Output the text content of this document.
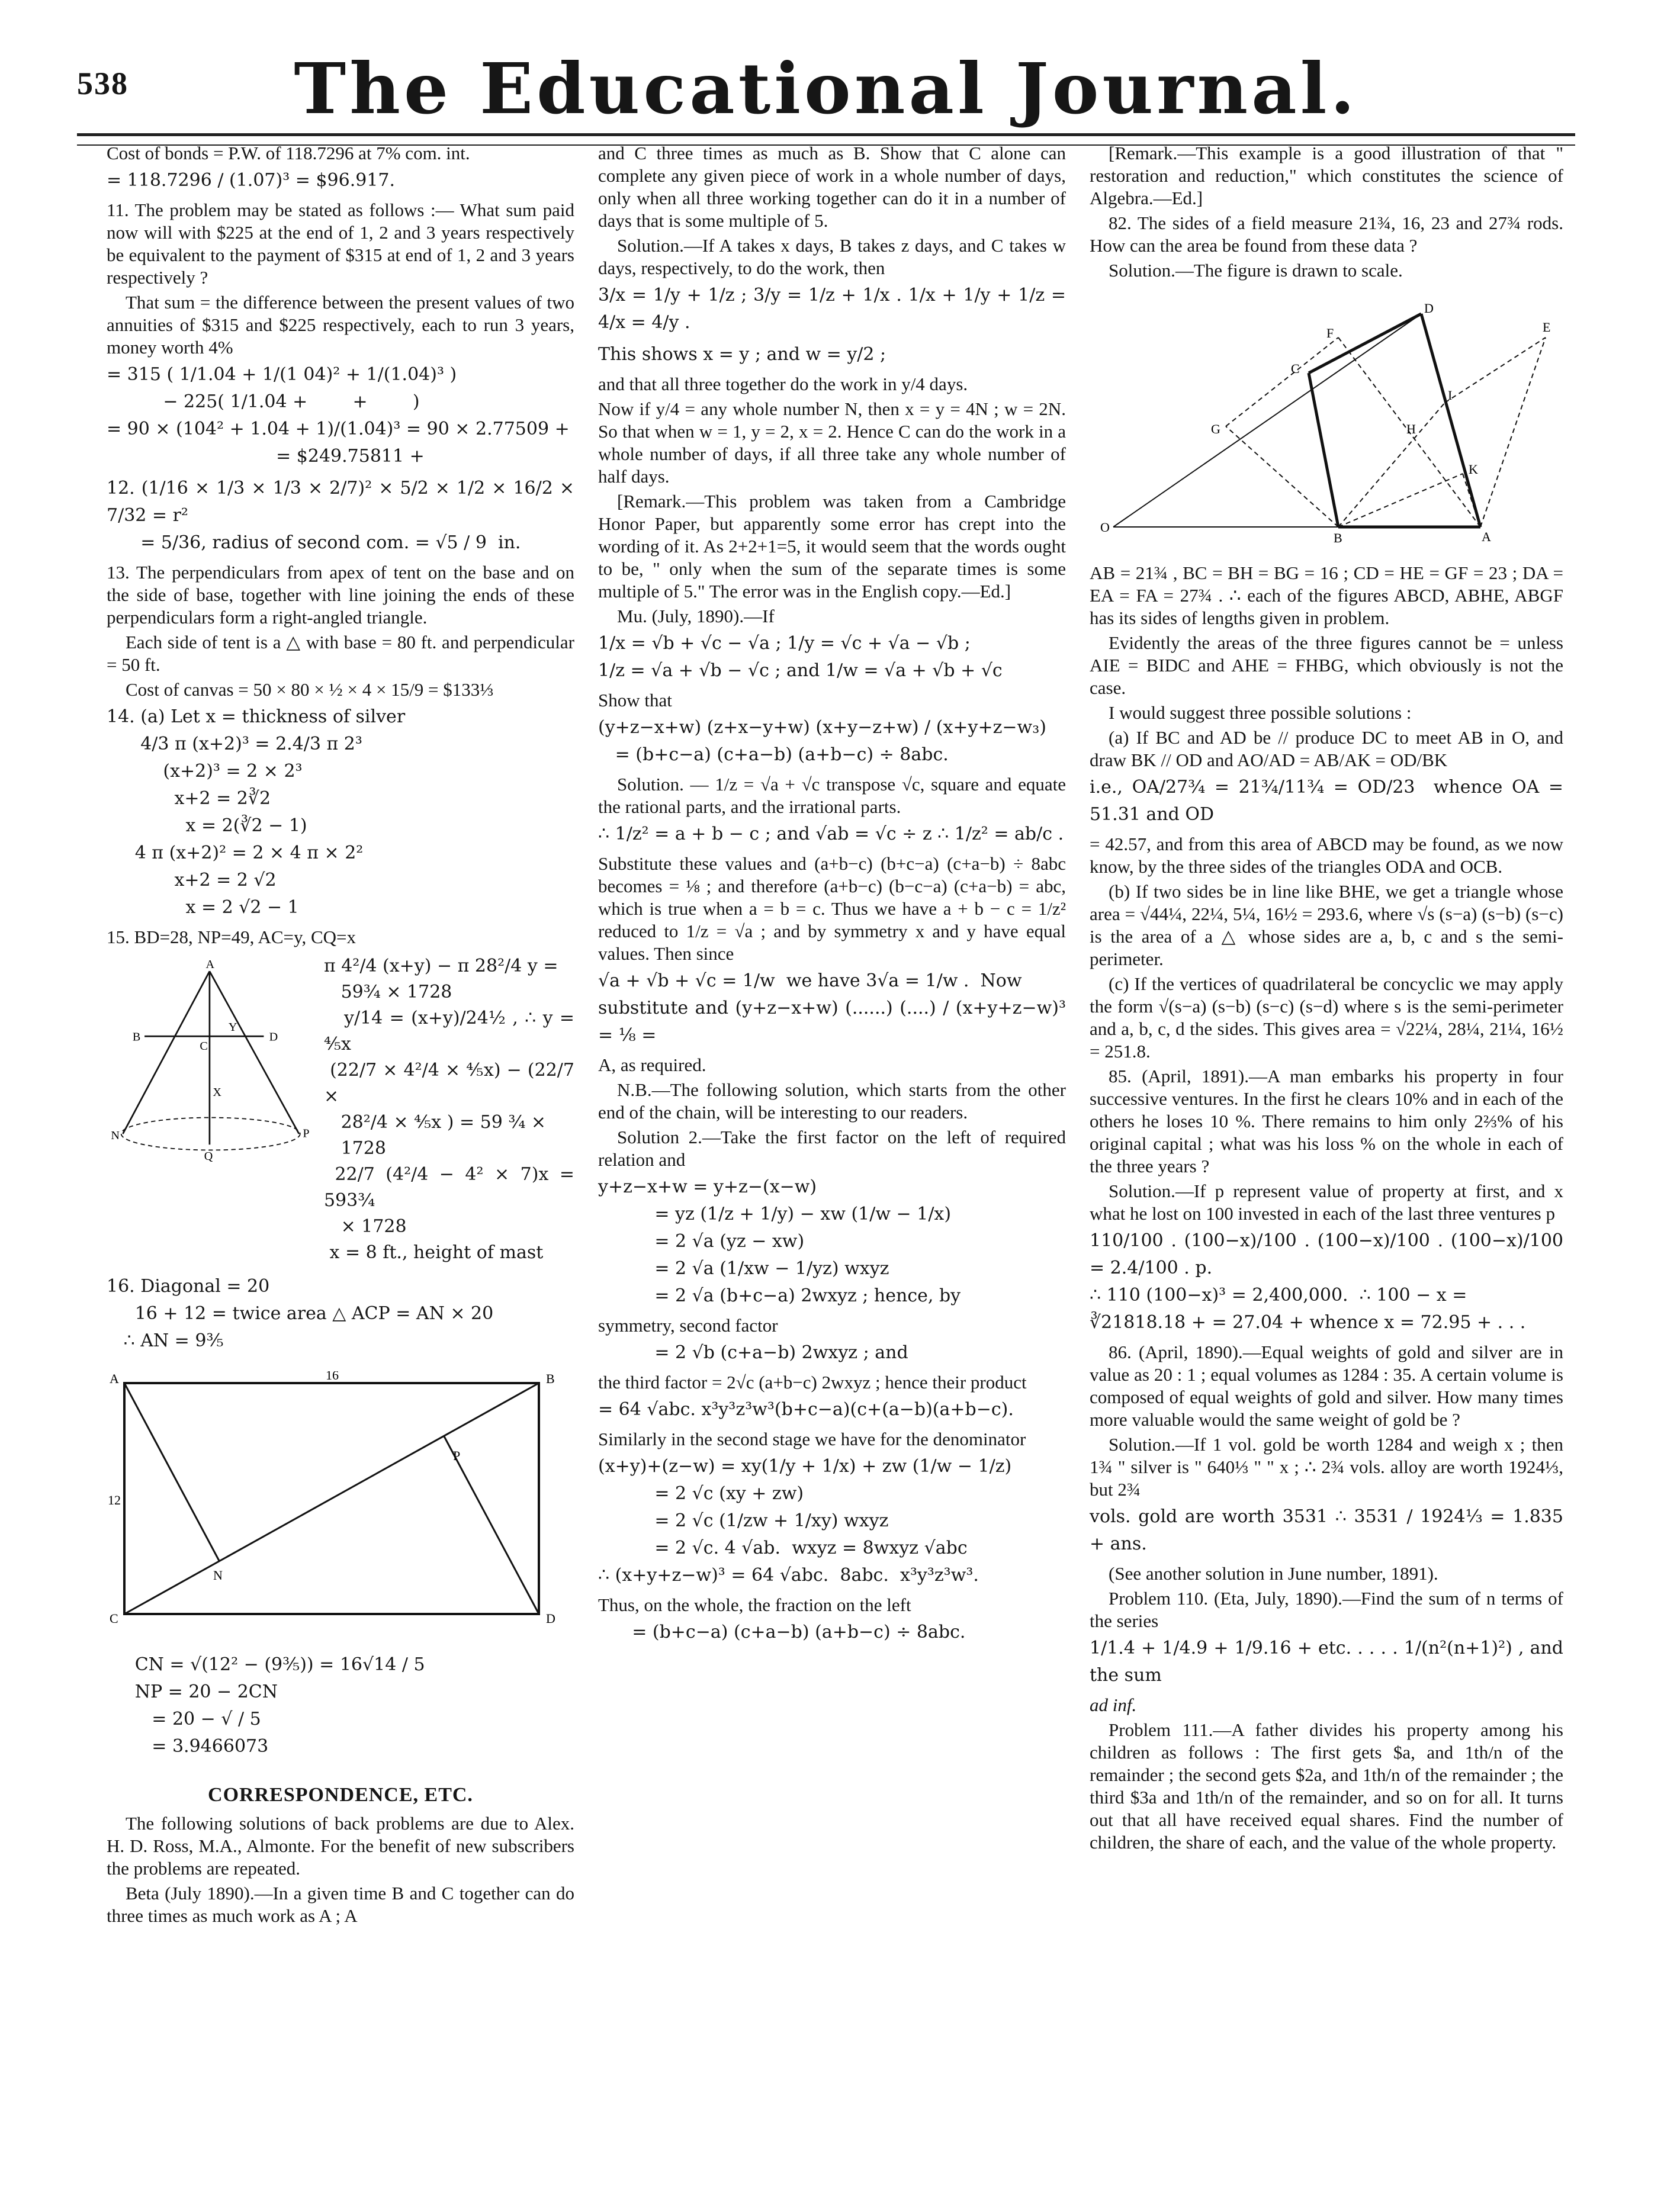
538	The Educational Journal.

Cost of bonds = P.W. of 118.7296 at 7% com. int.

= 118.7296 / (1.07)³ = $96.917.

11. The problem may be stated as follows :— What sum paid now will with $225 at the end of 1, 2 and 3 years respectively be equivalent to the payment of $315 at end of 1, 2 and 3 years respectively ?

That sum = the difference between the present values of two annuities of $315 and $225 respectively, each to run 3 years, money worth 4%

= 315 ( 1/1.04 + 1/(1 04)² + 1/(1.04)³ )
− 225( 1/1.04 +        +        )
= 90 × (104² + 1.04 + 1)/(1.04)³ = 90 × 2.77509 +
= $249.75811 +
12. (1/16 × 1/3 × 1/3 × 2/7)² × 5/2 × 1/2 × 16/2 × 7/32 = r²
= 5/36, radius of second com. = √5 / 9  in.

13. The perpendiculars from apex of tent on the base and on the side of base, together with line joining the ends of these perpendiculars form a right-angled triangle.

Each side of tent is a △ with base = 80 ft. and perpendicular = 50 ft.

Cost of canvas = 50 × 80 × ½ × 4 × 15/9 = $133⅓

14. (a) Let x = thickness of silver
4/3 π (x+2)³ = 2.4/3 π 2³
(x+2)³ = 2 × 2³
x+2 = 2∛2
x = 2(∛2 − 1)
4 π (x+2)² = 2 × 4 π × 2²
x+2 = 2 √2
x = 2 √2 − 1

15. BD=28, NP=49, AC=y, CQ=x

A
B
C
Y
D
X
N
Q
P
π 4²/4 (x+y) − π 28²/4 y =
59¾ × 1728
y/14 = (x+y)/24½ , ∴ y = ⅘x
(22/7 × 4²/4 × ⅘x) − (22/7 ×
28²/4 × ⅘x ) = 59 ¾ ×
1728
22/7 (4²/4 − 4² × 7)x = 593¾
× 1728
x = 8 ft., height of mast
16. Diagonal = 20
16 + 12 = twice area △ ACP = AN × 20
∴ AN = 9⅗
A	16	B
12
P
N
C	D
CN = √(12² − (9⅗)) = 16√14 / 5
NP = 20 − 2CN
= 20 − √ / 5
= 3.9466073
CORRESPONDENCE, ETC.

The following solutions of back problems are due to Alex. H. D. Ross, M.A., Almonte. For the benefit of new subscribers the problems are repeated.

Beta (July 1890).—In a given time B and C together can do three times as much work as A ; A

and C three times as much as B. Show that C alone can complete any given piece of work in a whole number of days, only when all three working together can do it in a number of days that is some multiple of 5.

Solution.—If A takes x days, B takes z days, and C takes w days, respectively, to do the work, then

3/x = 1/y + 1/z ; 3/y = 1/z + 1/x . 1/x + 1/y + 1/z = 4/x = 4/y .
This shows x = y ; and w = y/2 ;

and that all three together do the work in y/4 days.

Now if y/4 = any whole number N, then x = y = 4N ; w = 2N. So that when w = 1, y = 2, x = 2. Hence C can do the work in a whole number of days, if all three take any whole number of half days.

[Remark.—This problem was taken from a Cambridge Honor Paper, but apparently some error has crept into the wording of it. As 2+2+1=5, it would seem that the words ought to be, " only when the sum of the separate times is some multiple of 5." The error was in the English copy.—Ed.]

Mu. (July, 1890).—If

1/x = √b + √c − √a ; 1/y = √c + √a − √b ;
1/z = √a + √b − √c ; and 1/w = √a + √b + √c

Show that

(y+z−x+w) (z+x−y+w) (x+y−z+w) / (x+y+z−w₃)
= (b+c−a) (c+a−b) (a+b−c) ÷ 8abc.

Solution. — 1/z = √a + √c transpose √c, square and equate the rational parts, and the irrational parts.

∴ 1/z² = a + b − c ; and √ab = √c ÷ z ∴ 1/z² = ab/c .

Substitute these values and (a+b−c) (b+c−a) (c+a−b) ÷ 8abc becomes = ⅛ ; and therefore (a+b−c) (b−c−a) (c+a−b) = abc, which is true when a = b = c. Thus we have a + b − c = 1/z² reduced to 1/z = √a ; and by symmetry x and y have equal values. Then since

√a + √b + √c = 1/w  we have 3√a = 1/w .  Now
substitute and (y+z−x+w) (......) (....) / (x+y+z−w)³ = ⅛ =

A, as required.

N.B.—The following solution, which starts from the other end of the chain, will be interesting to our readers.

Solution 2.—Take the first factor on the left of required relation and

y+z−x+w = y+z−(x−w)
= yz (1/z + 1/y) − xw (1/w − 1/x)
= 2 √a (yz − xw)
= 2 √a (1/xw − 1/yz) wxyz
= 2 √a (b+c−a) 2wxyz ; hence, by

symmetry, second factor

= 2 √b (c+a−b) 2wxyz ; and

the third factor = 2√c (a+b−c) 2wxyz ; hence their product

= 64 √abc. x³y³z³w³(b+c−a)(c+(a−b)(a+b−c).

Similarly in the second stage we have for the denominator

(x+y)+(z−w) = xy(1/y + 1/x) + zw (1/w − 1/z)
= 2 √c (xy + zw)
= 2 √c (1/zw + 1/xy) wxyz
= 2 √c. 4 √ab.  wxyz = 8wxyz √abc
∴ (x+y+z−w)³ = 64 √abc.  8abc.  x³y³z³w³.

Thus, on the whole, the fraction on the left

= (b+c−a) (c+a−b) (a+b−c) ÷ 8abc.

[Remark.—This example is a good illustration of that " restoration and reduction," which constitutes the science of Algebra.—Ed.]

82. The sides of a field measure 21¾, 16, 23 and 27¾ rods. How can the area be found from these data ?

Solution.—The figure is drawn to scale.

D
E
F
C
G
I
H
K
O
B	A

AB = 21¾ , BC = BH = BG = 16 ; CD = HE = GF = 23 ; DA = EA = FA = 27¾ . ∴ each of the figures ABCD, ABHE, ABGF has its sides of lengths given in problem.

Evidently the areas of the three figures cannot be = unless AIE = BIDC and AHE = FHBG, which obviously is not the case.

I would suggest three possible solutions :

(a) If BC and AD be // produce DC to meet AB in O, and draw BK // OD and AO/AD = AB/AK = OD/BK

i.e., OA/27¾ = 21¾/11¾ = OD/23  whence OA = 51.31 and OD

= 42.57, and from this area of ABCD may be found, as we now know, by the three sides of the triangles ODA and OCB.

(b) If two sides be in line like BHE, we get a triangle whose area = √44¼, 22¼, 5¼, 16½ = 293.6, where √s (s−a) (s−b) (s−c) is the area of a △ whose sides are a, b, c and s the semi-perimeter.

(c) If the vertices of quadrilateral be concyclic we may apply the form √(s−a) (s−b) (s−c) (s−d) where s is the semi-perimeter and a, b, c, d the sides. This gives area = √22¼, 28¼, 21¼, 16½ = 251.8.

85. (April, 1891).—A man embarks his property in four successive ventures. In the first he clears 10% and in each of the others he loses 10 %. There remains to him only 2⅔% of his original capital ; what was his loss % on the whole in each of the three years ?

Solution.—If p represent value of property at first, and x what he lost on 100 invested in each of the last three ventures p

110/100 . (100−x)/100 . (100−x)/100 . (100−x)/100 = 2.4/100 . p.
∴ 110 (100−x)³ = 2,400,000.  ∴ 100 − x =
∛21818.18 + = 27.04 + whence x = 72.95 + . . .

86. (April, 1890).—Equal weights of gold and silver are in value as 20 : 1 ; equal volumes as 1284 : 35. A certain volume is composed of equal weights of gold and silver. How many times more valuable would the same weight of gold be ?

Solution.—If 1 vol. gold be worth 1284 and weigh x ; then 1¾ " silver is " 640⅓ " " x ; ∴ 2¾ vols. alloy are worth 1924⅓, but 2¾

vols. gold are worth 3531 ∴ 3531 / 1924⅓ = 1.835 + ans.

(See another solution in June number, 1891).

Problem 110. (Eta, July, 1890).—Find the sum of n terms of the series

1/1.4 + 1/4.9 + 1/9.16 + etc. . . . . 1/(n²(n+1)²) , and the sum

ad inf.

Problem 111.—A father divides his property among his children as follows : The first gets $a, and 1th/n of the remainder ; the second gets $2a, and 1th/n of the remainder ; the third $3a and 1th/n of the remainder, and so on for all. It turns out that all have received equal shares. Find the number of children, the share of each, and the value of the whole property.
